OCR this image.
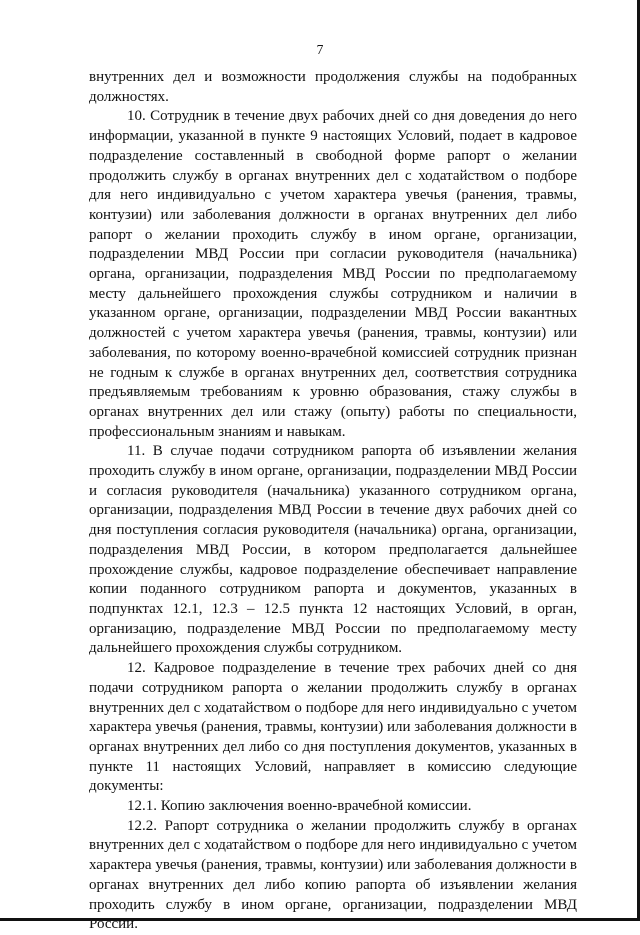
7

внутренних дел и возможности продолжения службы на подобранных должностях.

10. Сотрудник в течение двух рабочих дней со дня доведения до него информации, указанной в пункте 9 настоящих Условий, подает в кадровое подразделение составленный в свободной форме рапорт о желании продолжить службу в органах внутренних дел с ходатайством о подборе для него индивидуально с учетом характера увечья (ранения, травмы, контузии) или заболевания должности в органах внутренних дел либо рапорт о желании проходить службу в ином органе, организации, подразделении МВД России при согласии руководителя (начальника) органа, организации, подразделения МВД России по предполагаемому месту дальнейшего прохождения службы сотрудником и наличии в указанном органе, организации, подразделении МВД России вакантных должностей с учетом характера увечья (ранения, травмы, контузии) или заболевания, по которому военно-врачебной комиссией сотрудник признан не годным к службе в органах внутренних дел, соответствия сотрудника предъявляемым требованиям к уровню образования, стажу службы в органах внутренних дел или стажу (опыту) работы по специальности, профессиональным знаниям и навыкам.

11. В случае подачи сотрудником рапорта об изъявлении желания проходить службу в ином органе, организации, подразделении МВД России и согласия руководителя (начальника) указанного сотрудником органа, организации, подразделения МВД России в течение двух рабочих дней со дня поступления согласия руководителя (начальника) органа, организации, подразделения МВД России, в котором предполагается дальнейшее прохождение службы, кадровое подразделение обеспечивает направление копии поданного сотрудником рапорта и документов, указанных в подпунктах 12.1, 12.3 – 12.5 пункта 12 настоящих Условий, в орган, организацию, подразделение МВД России по предполагаемому месту дальнейшего прохождения службы сотрудником.

12. Кадровое подразделение в течение трех рабочих дней со дня подачи сотрудником рапорта о желании продолжить службу в органах внутренних дел с ходатайством о подборе для него индивидуально с учетом характера увечья (ранения, травмы, контузии) или заболевания должности в органах внутренних дел либо со дня поступления документов, указанных в пункте 11 настоящих Условий, направляет в комиссию следующие документы:

12.1. Копию заключения военно-врачебной комиссии.

12.2. Рапорт сотрудника о желании продолжить службу в органах внутренних дел с ходатайством о подборе для него индивидуально с учетом характера увечья (ранения, травмы, контузии) или заболевания должности в органах внутренних дел либо копию рапорта об изъявлении желания проходить службу в ином органе, организации, подразделении МВД России.
